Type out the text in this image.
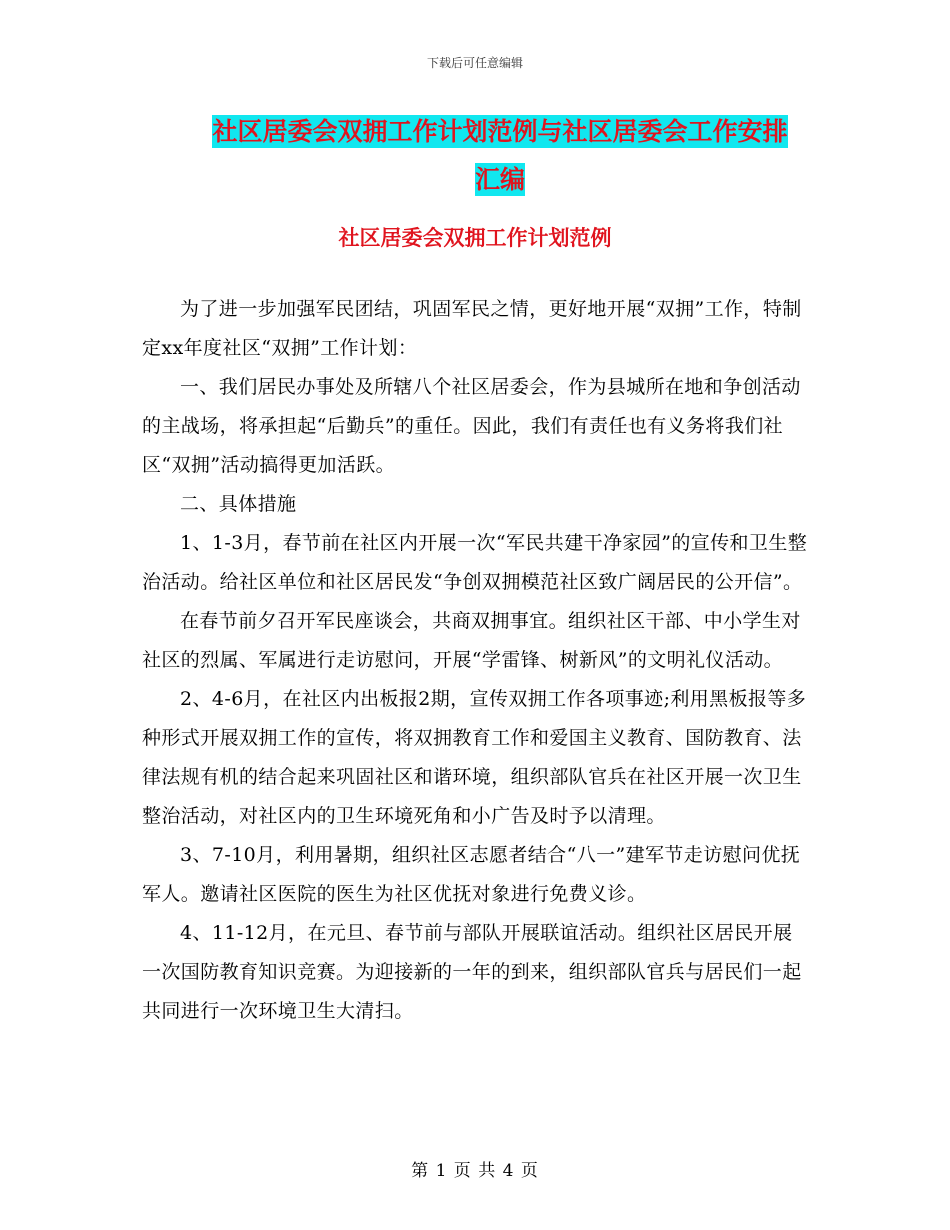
下载后可任意编辑
社区居委会双拥工作计划范例与社区居委会工作安排
汇编
社区居委会双拥工作计划范例

为了进一步加强军民团结，巩固军民之情，更好地开展“双拥”工作，特制定xx年度社区“双拥”工作计划：

一、我们居民办事处及所辖八个社区居委会，作为县城所在地和争创活动的主战场，将承担起“后勤兵”的重任。因此，我们有责任也有义务将我们社区“双拥”活动搞得更加活跃。

二、具体措施

1、1-3月，春节前在社区内开展一次“军民共建干净家园”的宣传和卫生整治活动。给社区单位和社区居民发“争创双拥模范社区致广阔居民的公开信”。

在春节前夕召开军民座谈会，共商双拥事宜。组织社区干部、中小学生对社区的烈属、军属进行走访慰问，开展“学雷锋、树新风”的文明礼仪活动。

2、4-6月，在社区内出板报2期，宣传双拥工作各项事迹;利用黑板报等多种形式开展双拥工作的宣传，将双拥教育工作和爱国主义教育、国防教育、法律法规有机的结合起来巩固社区和谐环境，组织部队官兵在社区开展一次卫生整治活动，对社区内的卫生环境死角和小广告及时予以清理。

3、7-10月，利用暑期，组织社区志愿者结合“八一”建军节走访慰问优抚军人。邀请社区医院的医生为社区优抚对象进行免费义诊。

4、11-12月，在元旦、春节前与部队开展联谊活动。组织社区居民开展一次国防教育知识竞赛。为迎接新的一年的到来，组织部队官兵与居民们一起共同进行一次环境卫生大清扫。

第 1 页 共 4 页
